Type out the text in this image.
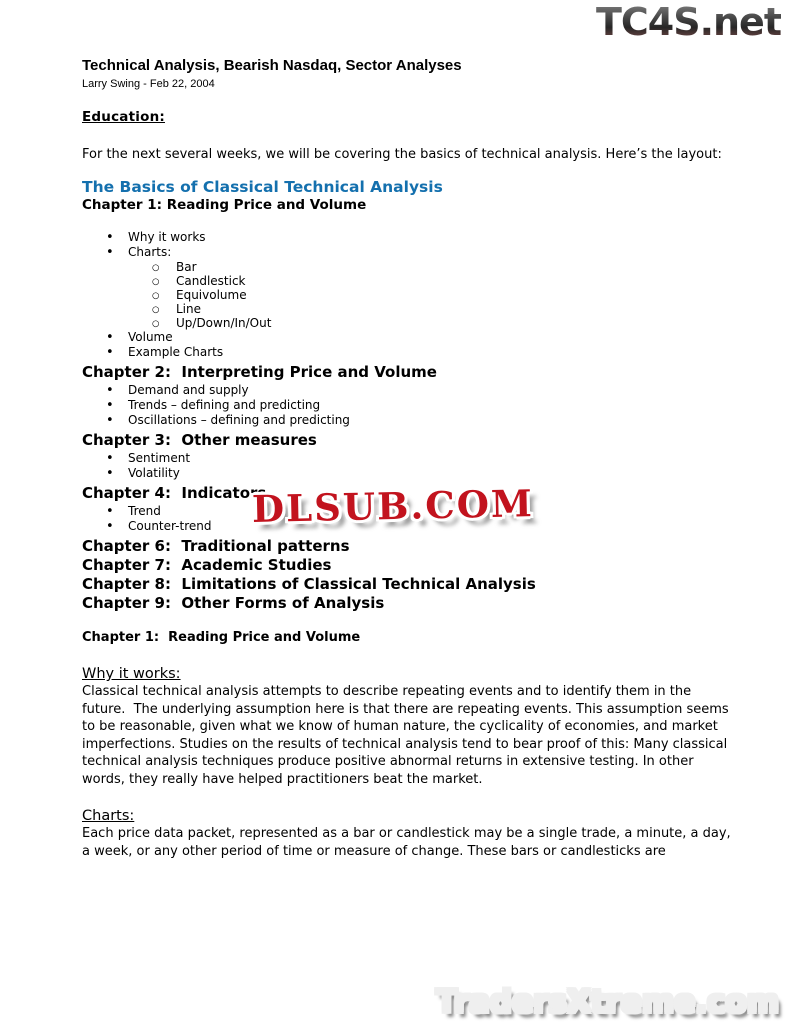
TC4S.net
Technical Analysis, Bearish Nasdaq, Sector Analyses
Larry Swing - Feb 22, 2004
Education:

For the next several weeks, we will be covering the basics of technical analysis. Here’s the layout:

The Basics of Classical Technical Analysis
Chapter 1: Reading Price and Volume
• Why it works
• Charts:
○ Bar
○ Candlestick
○ Equivolume
○ Line
○ Up/Down/In/Out
• Volume
• Example Charts
Chapter 2:  Interpreting Price and Volume
• Demand and supply
• Trends – defining and predicting
• Oscillations – defining and predicting
Chapter 3:  Other measures
• Sentiment
• Volatility
Chapter 4:  Indicators
• Trend
• Counter-trend
Chapter 6:  Traditional patterns
Chapter 7:  Academic Studies
Chapter 8:  Limitations of Classical Technical Analysis
Chapter 9:  Other Forms of Analysis
Chapter 1:  Reading Price and Volume
Why it works:

Classical technical analysis attempts to describe repeating events and to identify them in the future.  The underlying assumption here is that there are repeating events. This assumption seems to be reasonable, given what we know of human nature, the cyclicality of economies, and market imperfections. Studies on the results of technical analysis tend to bear proof of this: Many classical technical analysis techniques produce positive abnormal returns in extensive testing. In other words, they really have helped practitioners beat the market.

Charts:

Each price data packet, represented as a bar or candlestick may be a single trade, a minute, a day, a week, or any other period of time or measure of change. These bars or candlesticks are

DLSUB.COM
TradersXtreme.com
